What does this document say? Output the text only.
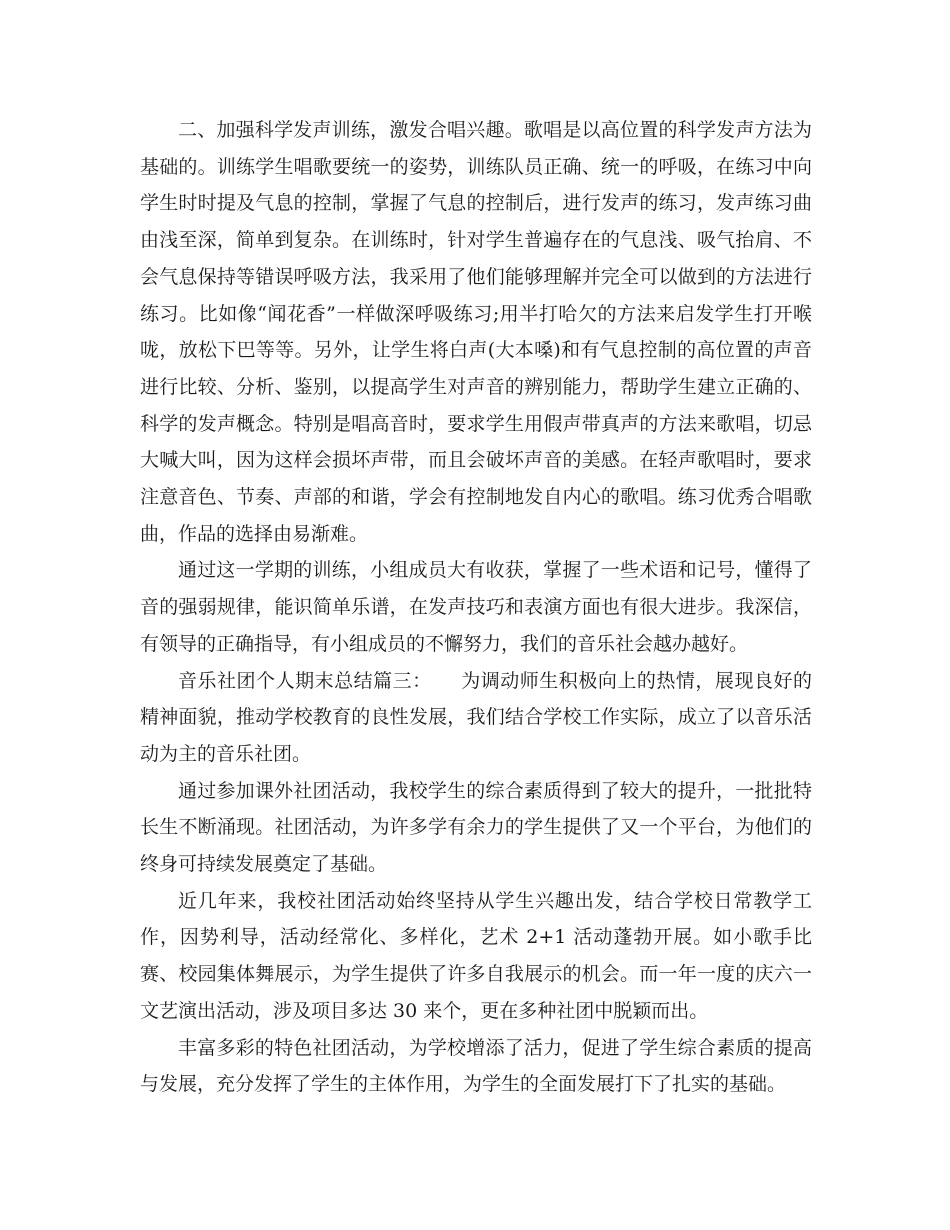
二、加强科学发声训练，激发合唱兴趣。歌唱是以高位置的科学发声方法为基础的。训练学生唱歌要统一的姿势，训练队员正确、统一的呼吸，在练习中向学生时时提及气息的控制，掌握了气息的控制后，进行发声的练习，发声练习曲由浅至深，简单到复杂。在训练时，针对学生普遍存在的气息浅、吸气抬肩、不会气息保持等错误呼吸方法，我采用了他们能够理解并完全可以做到的方法进行练习。比如像“闻花香”一样做深呼吸练习;用半打哈欠的方法来启发学生打开喉咙，放松下巴等等。另外，让学生将白声(大本嗓)和有气息控制的高位置的声音进行比较、分析、鉴别，以提高学生对声音的辨别能力，帮助学生建立正确的、科学的发声概念。特别是唱高音时，要求学生用假声带真声的方法来歌唱，切忌大喊大叫，因为这样会损坏声带，而且会破坏声音的美感。在轻声歌唱时，要求注意音色、节奏、声部的和谐，学会有控制地发自内心的歌唱。练习优秀合唱歌曲，作品的选择由易渐难。

通过这一学期的训练，小组成员大有收获，掌握了一些术语和记号，懂得了音的强弱规律，能识简单乐谱，在发声技巧和表演方面也有很大进步。我深信，有领导的正确指导，有小组成员的不懈努力，我们的音乐社会越办越好。

音乐社团个人期末总结篇三：　　为调动师生积极向上的热情，展现良好的精神面貌，推动学校教育的良性发展，我们结合学校工作实际，成立了以音乐活动为主的音乐社团。

通过参加课外社团活动，我校学生的综合素质得到了较大的提升，一批批特长生不断涌现。社团活动，为许多学有余力的学生提供了又一个平台，为他们的终身可持续发展奠定了基础。

近几年来，我校社团活动始终坚持从学生兴趣出发，结合学校日常教学工作，因势利导，活动经常化、多样化，艺术 2+1 活动蓬勃开展。如小歌手比赛、校园集体舞展示，为学生提供了许多自我展示的机会。而一年一度的庆六一文艺演出活动，涉及项目多达 30 来个，更在多种社团中脱颖而出。

丰富多彩的特色社团活动，为学校增添了活力，促进了学生综合素质的提高与发展，充分发挥了学生的主体作用，为学生的全面发展打下了扎实的基础。
